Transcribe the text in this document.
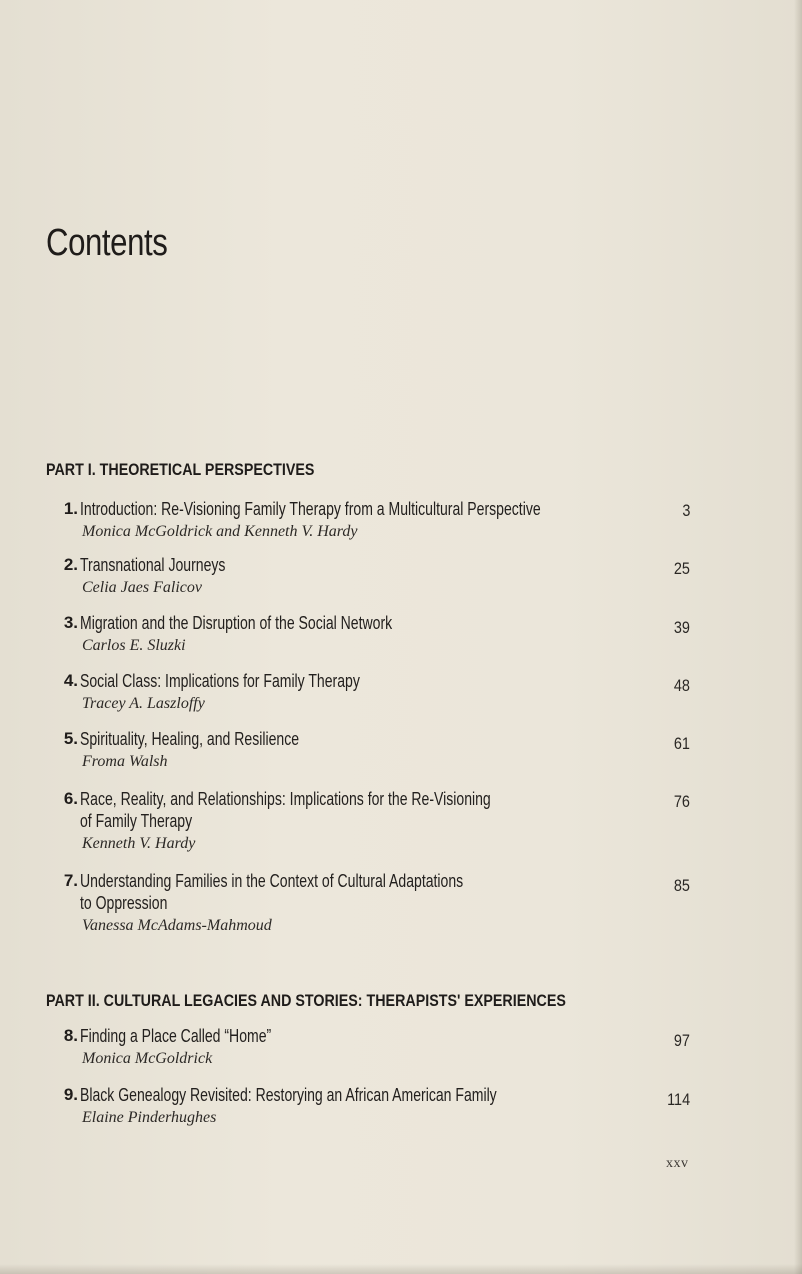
Contents
PART I. THEORETICAL PERSPECTIVES
1. Introduction: Re-Visioning Family Therapy from a Multicultural Perspective
Monica McGoldrick and Kenneth V. Hardy
3
2. Transnational Journeys
Celia Jaes Falicov
25
3. Migration and the Disruption of the Social Network
Carlos E. Sluzki
39
4. Social Class: Implications for Family Therapy
Tracey A. Laszloffy
48
5. Spirituality, Healing, and Resilience
Froma Walsh
61
6. Race, Reality, and Relationships: Implications for the Re-Visioning
of Family Therapy
Kenneth V. Hardy
76
7. Understanding Families in the Context of Cultural Adaptations
to Oppression
Vanessa McAdams-Mahmoud
85
PART II. CULTURAL LEGACIES AND STORIES: THERAPISTS' EXPERIENCES
8. Finding a Place Called “Home”
Monica McGoldrick
97
9. Black Genealogy Revisited: Restorying an African American Family
Elaine Pinderhughes
114
xxv
